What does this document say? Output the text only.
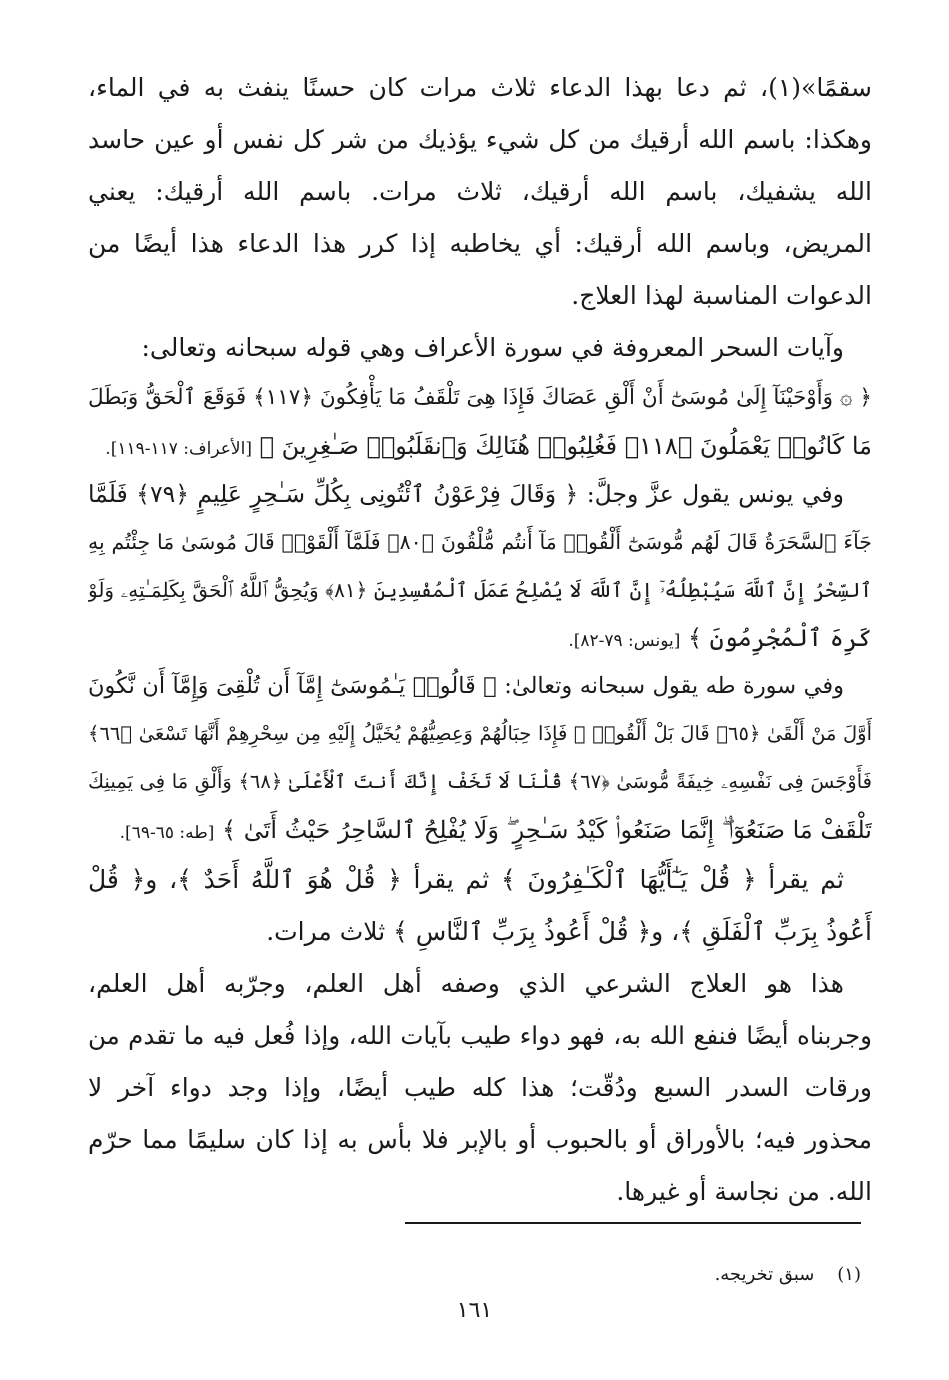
سقمًا»(١)، ثم دعا بهذا الدعاء ثلاث مرات كان حسنًا ينفث به في الماء،
وهكذا: باسم الله أرقيك من كل شيء يؤذيك من شر كل نفس أو عين حاسد
الله يشفيك، باسم الله أرقيك، ثلاث مرات. باسم الله أرقيك: يعني
المريض، وباسم الله أرقيك: أي يخاطبه إذا كرر هذا الدعاء هذا أيضًا من
الدعوات المناسبة لهذا العلاج.
وآيات السحر المعروفة في سورة الأعراف وهي قوله سبحانه وتعالى:
﴿ ۞ وَأَوْحَيْنَآ إِلَىٰ مُوسَىٰٓ أَنْ أَلْقِ عَصَاكَ فَإِذَا هِىَ تَلْقَفُ مَا يَأْفِكُونَ ﴿١١٧﴾ فَوَقَعَ ٱلْحَقُّ وَبَطَلَ
مَا كَانُوا۟ يَعْمَلُونَ ﴿١١٨﴾ فَغُلِبُوا۟ هُنَالِكَ وَٱنقَلَبُوا۟ صَـٰغِرِينَ ﴾ [الأعراف: ١١٧-١١٩].
وفي يونس يقول عزَّ وجلَّ: ﴿ وَقَالَ فِرْعَوْنُ ٱئْتُونِى بِكُلِّ سَـٰحِرٍ عَلِيمٍ ﴿٧٩﴾ فَلَمَّا
جَآءَ ٱلسَّحَرَةُ قَالَ لَهُم مُّوسَىٰٓ أَلْقُوا۟ مَآ أَنتُم مُّلْقُونَ ﴿٨٠﴾ فَلَمَّآ أَلْقَوْا۟ قَالَ مُوسَىٰ مَا جِئْتُم بِهِ
ٱلسِّحْرُ إِنَّ ٱللَّهَ سَيُبْطِلُهُۥٓ إِنَّ ٱللَّهَ لَا يُصْلِحُ عَمَلَ ٱلْمُفْسِدِينَ ﴿٨١﴾ وَيُحِقُّ ٱللَّهُ ٱلْحَقَّ بِكَلِمَـٰتِهِۦ وَلَوْ
كَرِهَ ٱلْمُجْرِمُونَ ﴾ [يونس: ٧٩-٨٢].
وفي سورة طه يقول سبحانه وتعالىٰ: ﴿ قَالُوا۟ يَـٰمُوسَىٰٓ إِمَّآ أَن تُلْقِىَ وَإِمَّآ أَن نَّكُونَ
أَوَّلَ مَنْ أَلْقَىٰ ﴿٦٥﴾ قَالَ بَلْ أَلْقُوا۟ ۖ فَإِذَا حِبَالُهُمْ وَعِصِيُّهُمْ يُخَيَّلُ إِلَيْهِ مِن سِحْرِهِمْ أَنَّهَا تَسْعَىٰ ﴿٦٦﴾
فَأَوْجَسَ فِى نَفْسِهِۦ خِيفَةً مُّوسَىٰ ﴿٦٧﴾ قُلْنَا لَا تَخَفْ إِنَّكَ أَنتَ ٱلْأَعْلَىٰ ﴿٦٨﴾ وَأَلْقِ مَا فِى يَمِينِكَ
تَلْقَفْ مَا صَنَعُوٓا۟ ۖ إِنَّمَا صَنَعُوا۟ كَيْدُ سَـٰحِرٍ ۖ وَلَا يُفْلِحُ ٱلسَّاحِرُ حَيْثُ أَتَىٰ ﴾ [طه: ٦٥-٦٩].
ثم يقرأ ﴿ قُلْ يَـٰٓأَيُّهَا ٱلْكَـٰفِرُونَ ﴾ ثم يقرأ ﴿ قُلْ هُوَ ٱللَّهُ أَحَدٌ ﴾، و﴿ قُلْ
أَعُوذُ بِرَبِّ ٱلْفَلَقِ ﴾، و﴿ قُلْ أَعُوذُ بِرَبِّ ٱلنَّاسِ ﴾ ثلاث مرات.
هذا هو العلاج الشرعي الذي وصفه أهل العلم، وجرّبه أهل العلم،
وجربناه أيضًا فنفع الله به، فهو دواء طيب بآيات الله، وإذا فُعل فيه ما تقدم من
ورقات السدر السبع ودُقّت؛ هذا كله طيب أيضًا، وإذا وجد دواء آخر لا
محذور فيه؛ بالأوراق أو بالحبوب أو بالإبر فلا بأس به إذا كان سليمًا مما حرّم
الله. من نجاسة أو غيرها.
(١)    سبق تخريجه.
١٦١
